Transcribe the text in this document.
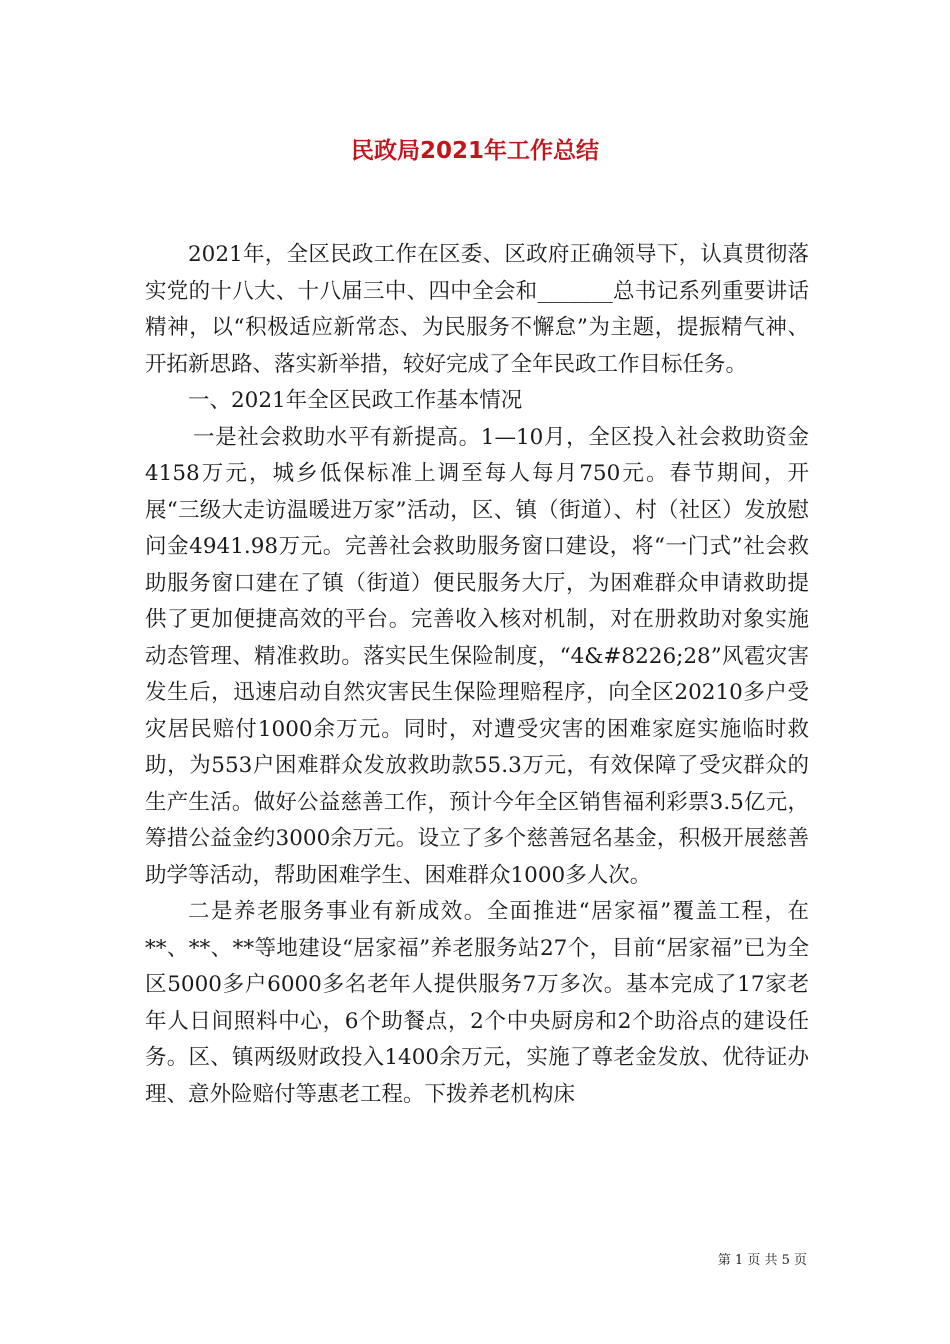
民政局2021年工作总结

2021年，全区民政工作在区委、区政府正确领导下，认真贯彻落实党的十八大、十八届三中、四中全会和_______总书记系列重要讲话精神，以“积极适应新常态、为民服务不懈怠”为主题，提振精气神、开拓新思路、落实新举措，较好完成了全年民政工作目标任务。

一、2021年全区民政工作基本情况

一是社会救助水平有新提高。1—10月，全区投入社会救助资金4158万元，城乡低保标准上调至每人每月750元。春节期间，开展“三级大走访温暖进万家”活动，区、镇（街道）、村（社区）发放慰问金4941.98万元。完善社会救助服务窗口建设，将“一门式”社会救助服务窗口建在了镇（街道）便民服务大厅，为困难群众申请救助提供了更加便捷高效的平台。完善收入核对机制，对在册救助对象实施动态管理、精准救助。落实民生保险制度，“4&#8226;28”风雹灾害发生后，迅速启动自然灾害民生保险理赔程序，向全区20210多户受灾居民赔付1000余万元。同时，对遭受灾害的困难家庭实施临时救助，为553户困难群众发放救助款55.3万元，有效保障了受灾群众的生产生活。做好公益慈善工作，预计今年全区销售福利彩票3.5亿元，筹措公益金约3000余万元。设立了多个慈善冠名基金，积极开展慈善助学等活动，帮助困难学生、困难群众1000多人次。

二是养老服务事业有新成效。全面推进“居家福”覆盖工程，在**、**、**等地建设“居家福”养老服务站27个，目前“居家福”已为全区5000多户6000多名老年人提供服务7万多次。基本完成了17家老年人日间照料中心，6个助餐点，2个中央厨房和2个助浴点的建设任务。区、镇两级财政投入1400余万元，实施了尊老金发放、优待证办理、意外险赔付等惠老工程。下拨养老机构床

第 1 页 共 5 页
